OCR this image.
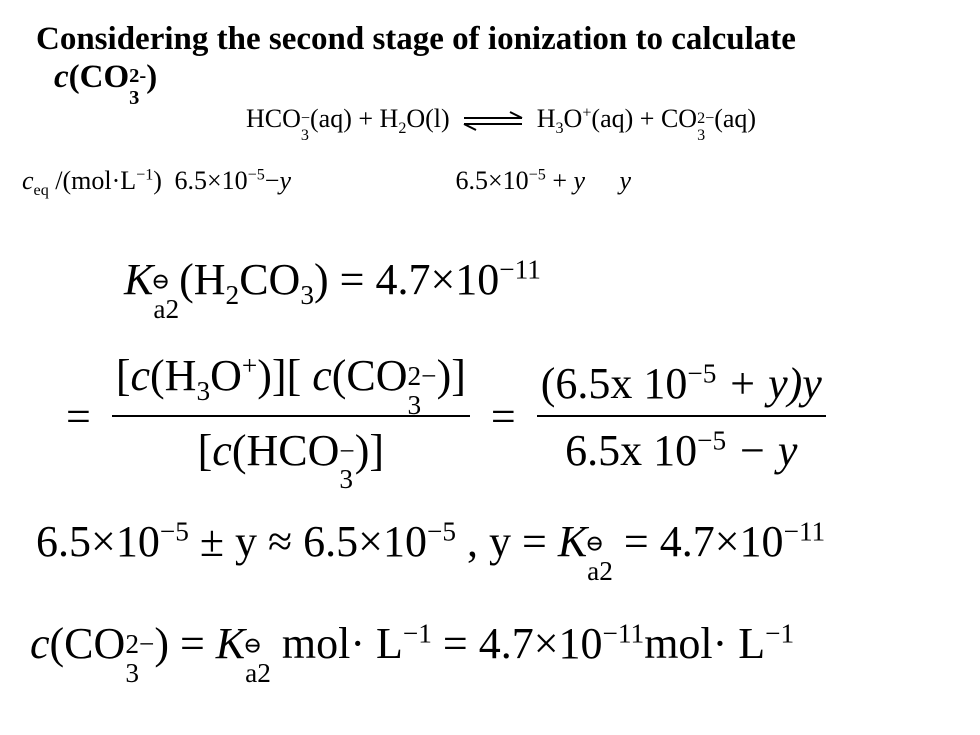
Considering the second stage of ionization to calculate
c(CO 2-
3
)
HCO −
3
$(aq) + H_2O(l)$ ⇌ $H_3O^+(aq)$ + CO 2−
3
(aq)
$c_{eq}$ $/(mol\cdot L^{-1})$ $6.5\times 10^{-5}-y$	$6.5\times 10^{-5} + y$ y
K
a2
$(H_2CO_3) = 4.7\times 10^{-11}$
= $[c(H_3O^+)]$[ c(CO 2−
3
)]
[c(HCO −
3
)] = $\frac{(6.5x 10^{-5} + y)y}{6.5x 10^{-5} - y}$
$6.5\times 10^{-5} \pm y \approx 6.5\times 10^{-5}$ , y = K
a2
= $4.7\times 10^{-11}$
c(CO 2−
3
) = K
a2
$mol\cdot L^{-1} = 4.7\times 10^{-11}mol\cdot L^{-1}$
